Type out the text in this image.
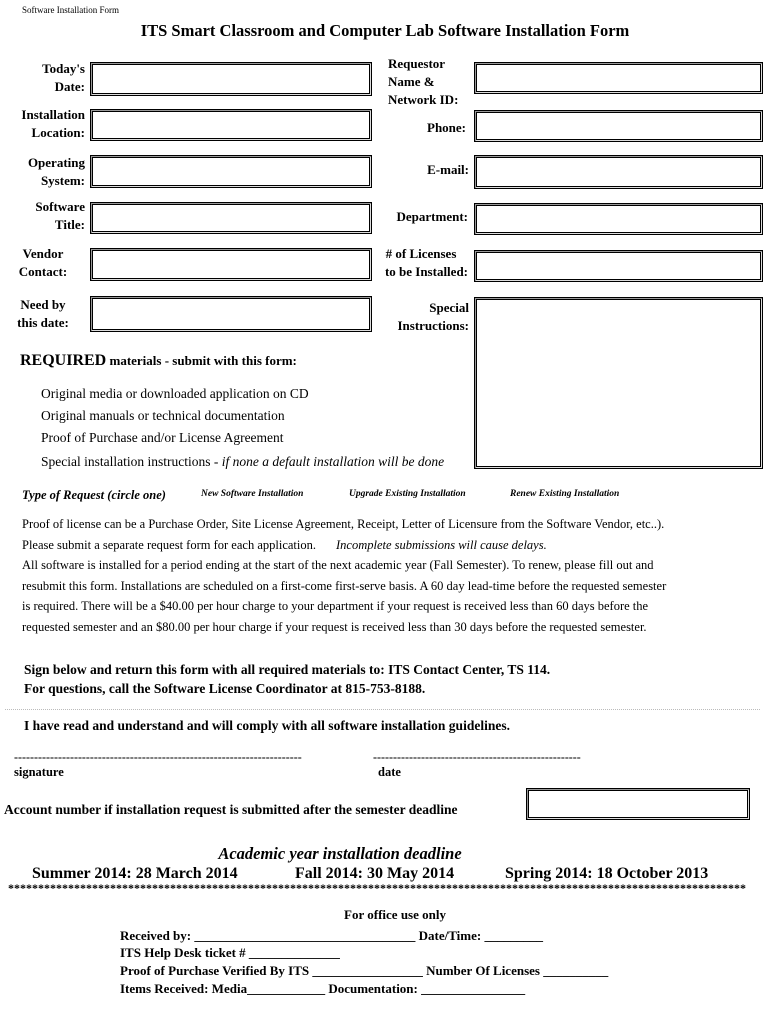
Software Installation Form
ITS Smart Classroom and Computer Lab Software Installation Form
Today's
Date:
Installation
Location:
Operating
System:
Software
Title:
Vendor
Contact:
Need by
this date:
Requestor
Name &
Network ID:
Phone:
E-mail:
Department:
# of Licenses
to be Installed:
Special
Instructions:
REQUIRED materials - submit with this form:
Original media or downloaded application on CD
Original manuals or technical documentation
Proof of Purchase and/or License Agreement
Special installation instructions - if none a default installation will be done
Type of Request (circle one)	New Software Installation	Upgrade Existing Installation	Renew Existing Installation
Proof of license can be a Purchase Order, Site License Agreement, Receipt, Letter of Licensure from the Software Vendor, etc..).
Please submit a separate request form for each application. Incomplete submissions will cause delays.
All software is installed for a period ending at the start of the next academic year (Fall Semester). To renew, please fill out and
resubmit this form. Installations are scheduled on a first-come first-serve basis. A 60 day lead-time before the requested semester
is required. There will be a $40.00 per hour charge to your department if your request is received less than 60 days before the
requested semester and an $80.00 per hour charge if your request is received less than 30 days before the requested semester.
Sign below and return this form with all required materials to: ITS Contact Center, TS 114.
For questions, call the Software License Coordinator at 815-753-8188.
I have read and understand and will comply with all software installation guidelines.
------------------------------------------------------------------------	----------------------------------------------------
signature	date
Account number if installation request is submitted after the semester deadline
Academic year installation deadline
Summer 2014: 28 March 2014	Fall 2014: 30 May 2014	Spring 2014: 18 October 2013
***************************************************************************************************************************
For office use only
Received by: __________________________________ Date/Time: _________
ITS Help Desk ticket # ______________
Proof of Purchase Verified By ITS _________________ Number Of Licenses __________
Items Received: Media____________ Documentation: ________________
